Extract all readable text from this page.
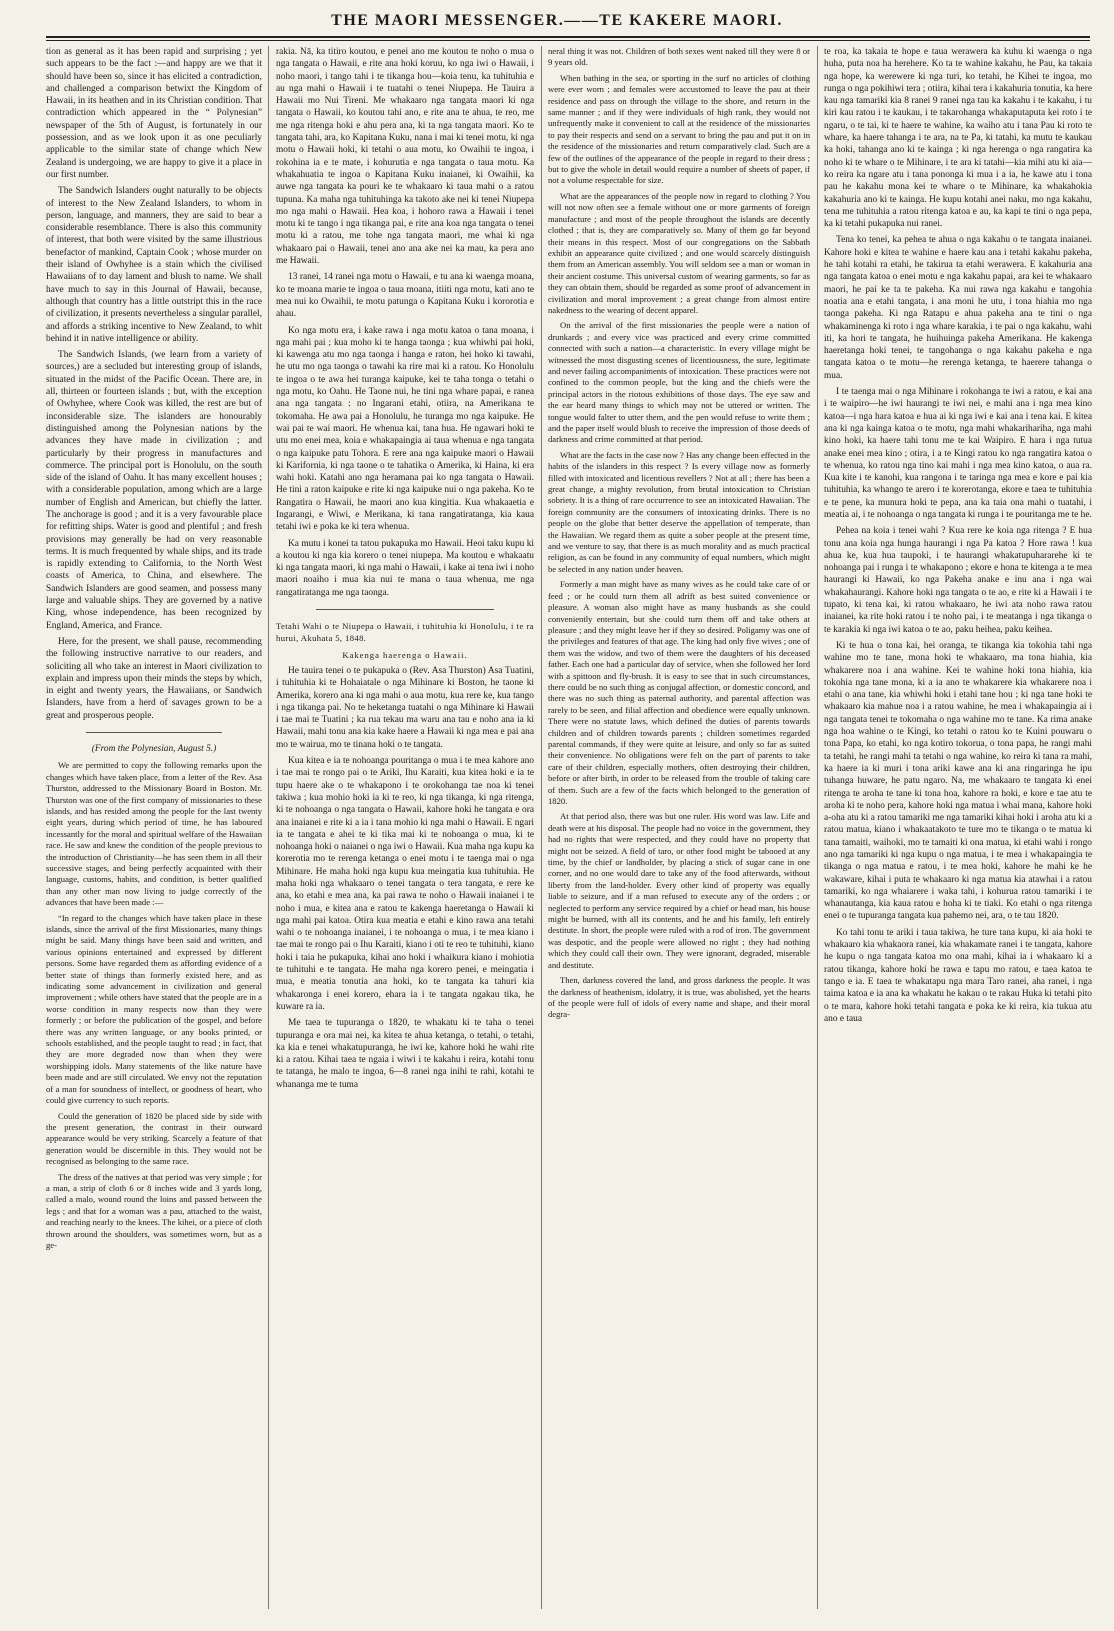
THE MAORI MESSENGER.——TE KAKERE MAORI.

tion as general as it has been rapid and surprising ; yet such appears to be the fact :—and happy are we that it should have been so, since it has elicited a contradiction, and challenged a comparison betwixt the Kingdom of Hawaii, in its heathen and in its Christian condition. That contradiction which appeared in the “ Polynesian” newspaper of the 5th of August, is fortunately in our possession, and as we look upon it as one peculiarly applicable to the similar state of change which New Zealand is undergoing, we are happy to give it a place in our first number.

The Sandwich Islanders ought naturally to be objects of interest to the New Zealand Islanders, to whom in person, language, and manners, they are said to bear a considerable resemblance. There is also this community of interest, that both were visited by the same illustrious benefactor of mankind, Captain Cook ; whose murder on their island of Owhyhee is a stain which the civilised Hawaiians of to day lament and blush to name. We shall have much to say in this Journal of Hawaii, because, although that country has a little outstript this in the race of civilization, it presents nevertheless a singular parallel, and affords a striking incentive to New Zealand, to whit behind it in native intelligence or ability.

The Sandwich Islands, (we learn from a variety of sources,) are a secluded but interesting group of islands, situated in the midst of the Pacific Ocean. There are, in all, thirteen or fourteen islands ; but, with the exception of Owhyhee, where Cook was killed, the rest are but of inconsiderable size. The islanders are honourably distinguished among the Polynesian nations by the advances they have made in civilization ; and particularly by their progress in manufactures and commerce. The principal port is Honolulu, on the south side of the island of Oahu. It has many excellent houses ; with a considerable population, among which are a large number of English and American, but chiefly the latter. The anchorage is good ; and it is a very favourable place for refitting ships. Water is good and plentiful ; and fresh provisions may generally be had on very reasonable terms. It is much frequented by whale ships, and its trade is rapidly extending to California, to the North West coasts of America, to China, and elsewhere. The Sandwich Islanders are good seamen, and possess many large and valuable ships. They are governed by a native King, whose independence, has been recognized by England, America, and France.

Here, for the present, we shall pause, recommending the following instructive narrative to our readers, and soliciting all who take an interest in Maori civilization to explain and impress upon their minds the steps by which, in eight and twenty years, the Hawaiians, or Sandwich Islanders, have from a herd of savages grown to be a great and prosperous people.

(From the Polynesian, August 5.)

We are permitted to copy the following remarks upon the changes which have taken place, from a letter of the Rev. Asa Thurston, addressed to the Missionary Board in Boston. Mr. Thurston was one of the first company of missionaries to these islands, and has resided among the people for the last twenty eight years, during which period of time, he has laboured incessantly for the moral and spiritual welfare of the Hawaiian race. He saw and knew the condition of the people previous to the introduction of Christianity—he has seen them in all their successive stages, and being perfectly acquainted with their language, customs, habits, and condition, is better qualified than any other man now living to judge correctly of the advances that have been made :—

“In regard to the changes which have taken place in these islands, since the arrival of the first Missionaries, many things might be said. Many things have been said and written, and various opinions entertained and expressed by different persons. Some have regarded them as affording evidence of a better state of things than formerly existed here, and as indicating some advancement in civilization and general improvement ; while others have stated that the people are in a worse condition in many respects now than they were formerly ; or before the publication of the gospel, and before there was any written language, or any books printed, or schools established, and the people taught to read ; in fact, that they are more degraded now than when they were worshipping idols. Many statements of the like nature have been made and are still circulated. We envy not the reputation of a man for soundness of intellect, or goodness of heart, who could give currency to such reports.

Could the generation of 1820 be placed side by side with the present generation, the contrast in their outward appearance would be very striking. Scarcely a feature of that generation would be discernible in this. They would not be recognised as belonging to the same race.

The dress of the natives at that period was very simple ; for a man, a strip of cloth 6 or 8 inches wide and 3 yards long, called a malo, wound round the loins and passed between the legs ; and that for a woman was a pau, attached to the waist, and reaching nearly to the knees. The kihei, or a piece of cloth thrown around the shoulders, was sometimes worn, but as a ge-

rakia. Nā, ka titiro koutou, e penei ano me koutou te noho o mua o nga tangata o Hawaii, e rite ana hoki koruu, ko nga iwi o Hawaii, i noho maori, i tango tahi i te tikanga hou—koia tenu, ka tuhituhia e au nga mahi o Hawaii i te tuatahi o tenei Niupepa. He Tauira a Hawaii mo Nui Tireni. Me whakaaro nga tangata maori ki nga tangata o Hawaii, ko koutou tahi ano, e rite ana te ahua, te reo, me me nga ritenga hoki e ahu pera ana, ki ta nga tangata maori. Ko te tangata tahi, ara, ko Kapitana Kuku, nana i mai ki tenei motu, ki nga motu o Hawaii hoki, ki tetahi o aua motu, ko Owaihii te ingoa, i rokohina ia e te mate, i kohurutia e nga tangata o taua motu. Ka whakahuatia te ingoa o Kapitana Kuku inaianei, ki Owaihii, ka auwe nga tangata ka pouri ke te whakaaro ki taua mahi o a ratou tupuna. Ka maha nga tuhituhinga ka takoto ake nei ki tenei Niupepa mo nga mahi o Hawaii. Hea koa, i hohoro rawa a Hawaii i tenei motu ki te tango i nga tikanga pai, e rite ana koa nga tangata o tenei motu ki a ratou, me tohe nga tangata maori, me whai ki nga whakaaro pai o Hawaii, tenei ano ana ake nei ka mau, ka pera ano me Hawaii.

13 ranei, 14 ranei nga motu o Hawaii, e tu ana ki waenga moana, ko te moana marie te ingoa o taua moana, itiiti nga motu, kati ano te mea nui ko Owaihii, te motu patunga o Kapitana Kuku i kororotia e ahau.

Ko nga motu era, i kake rawa i nga motu katoa o tana moana, i nga mahi pai ; kua moho ki te hanga taonga ; kua whiwhi pai hoki, ki kawenga atu mo nga taonga i hanga e raton, hei hoko ki tawahi, he utu mo nga taonga o tawahi ka rire mai ki a ratou. Ko Honolulu te ingoa o te awa hei turanga kaipuke, kei te taha tonga o tetahi o nga motu, ko Oahu. He Taone nui, he tini nga whare papai, e ranea ana nga tangata : no Ingarani etahi, otiira, na Amerikana te tokomaha. He awa pai a Honolulu, he turanga mo nga kaipuke. He wai pai te wai maori. He whenua kai, tana hua. He ngawari hoki te utu mo enei mea, koia e whakapaingia ai taua whenua e nga tangata o nga kaipuke patu Tohora. E rere ana nga kaipuke maori o Hawaii ki Karifornia, ki nga taone o te tahatika o Amerika, ki Haina, ki era wahi hoki. Katahi ano nga heramana pai ko nga tangata o Hawaii. He tini a raton kaipuke e rite ki nga kaipuke nui o nga pakeha. Ko te Rangatira o Hawaii, he maori ano kua kingitia. Kua whakaaetia e Ingarangi, e Wiwi, e Merikana, ki tana rangatiratanga, kia kaua tetahi iwi e poka ke ki tera whenua.

Ka mutu i konei ta tatou pukapuka mo Hawaii. Heoi taku kupu ki a koutou ki nga kia korero o tenei niupepa. Ma koutou e whakaatu ki nga tangata maori, ki nga mahi o Hawaii, i kake ai tena iwi i noho maori noaiho i mua kia nui te mana o taua whenua, me nga rangatiratanga me nga taonga.

Tetahi Wahi o te Niupepa o Hawaii, i tuhituhia ki Honolulu, i te ra hurui, Akuhata 5, 1848.
Kakenga haerenga o Hawaii.

He tauira tenei o te pukapuka o (Rev. Asa Thurston) Asa Tuatini, i tuhituhia ki te Hohaiatale o nga Mihinare ki Boston, he taone ki Amerika, korero ana ki nga mahi o aua motu, kua rere ke, kua tango i nga tikanga pai. No te heketanga tuatahi o nga Mihinare ki Hawaii i tae mai te Tuatini ; ka rua tekau ma waru ana tau e noho ana ia ki Hawaii, mahi tonu ana kia kake haere a Hawaii ki nga mea e pai ana mo te wairua, mo te tinana hoki o te tangata.

Kua kitea e ia te nohoanga pouritanga o mua i te mea kahore ano i tae mai te rongo pai o te Ariki, Ihu Karaiti, kua kitea hoki e ia te tupu haere ake o te whakapono i te orokohanga tae noa ki tenei takiwa ; kua mohio hoki ia ki te reo, ki nga tikanga, ki nga ritenga, ki te nohoanga o nga tangata o Hawaii, kahore hoki he tangata e ora ana inaianei e rite ki a ia i tana mohio ki nga mahi o Hawaii. E ngari ia te tangata e ahei te ki tika mai ki te nohoanga o mua, ki te nohoanga hoki o naianei o nga iwi o Hawaii. Kua maha nga kupu ka korerotia mo te rerenga ketanga o enei motu i te taenga mai o nga Mihinare. He maha hoki nga kupu kua meingatia kua tuhituhia. He maha hoki nga whakaaro o tenei tangata o tera tangata, e rere ke ana, ko etahi e mea ana, ka pai rawa te noho o Hawaii inaianei i te noho i mua, e kitea ana e ratou te kakenga haeretanga o Hawaii ki nga mahi pai katoa. Otira kua meatia e etahi e kino rawa ana tetahi wahi o te nohoanga inaianei, i te nohoanga o mua, i te mea kiano i tae mai te rongo pai o Ihu Karaiti, kiano i oti te reo te tuhituhi, kiano hoki i taia he pukapuka, kihai ano hoki i whaikura kiano i mohiotia te tuhituhi e te tangata. He maha nga korero penei, e meingatia i mua, e meatia tonutia ana hoki, ko te tangata ka tahuri kia whakaronga i enei korero, ehara ia i te tangata ngakau tika, he kuware ra ia.

Me taea te tupuranga o 1820, te whakatu ki te taha o tenei tupuranga e ora mai nei, ka kitea te ahua ketanga, o tetahi, o tetahi, ka kia e tenei whakatupuranga, he iwi ke, kahore hoki he wahi rite ki a ratou. Kihai taea te ngaia i wiwi i te kakahu i reira, kotahi tonu te tatanga, he malo te ingoa, 6—8 ranei nga inihi te rahi, kotahi te whananga me te tuma

neral thing it was not. Children of both sexes went naked till they were 8 or 9 years old.

When bathing in the sea, or sporting in the surf no articles of clothing were ever worn ; and females were accustomed to leave the pau at their residence and pass on through the village to the shore, and return in the same manner ; and if they were individuals of high rank, they would not unfrequently make it convenient to call at the residence of the missionaries to pay their respects and send on a servant to bring the pau and put it on in the residence of the missionaries and return comparatively clad. Such are a few of the outlines of the appearance of the people in regard to their dress ; but to give the whole in detail would require a number of sheets of paper, if not a volume respectable for size.

What are the appearances of the people now in regard to clothing ? You will not now often see a female without one or more garments of foreign manufacture ; and most of the people throughout the islands are decently clothed ; that is, they are comparatively so. Many of them go far beyond their means in this respect. Most of our congregations on the Sabbath exhibit an appearance quite civilized ; and one would scarcely distinguish them from an American assembly. You will seldom see a man or woman in their ancient costume. This universal custom of wearing garments, so far as they can obtain them, should be regarded as some proof of advancement in civilization and moral improvement ; a great change from almost entire nakedness to the wearing of decent apparel.

On the arrival of the first missionaries the people were a nation of drunkards ; and every vice was practiced and every crime committed connected with such a nation—a characteristic. In every village might be witnessed the most disgusting scenes of licentiousness, the sure, legitimate and never failing accompaniments of intoxication. These practices were not confined to the common people, but the king and the chiefs were the principal actors in the riotous exhibitions of those days. The eye saw and the ear heard many things to which may not be uttered or written. The tongue would falter to utter them, and the pen would refuse to write them ; and the paper itself would blush to receive the impression of those deeds of darkness and crime committed at that period.

What are the facts in the case now ? Has any change been effected in the habits of the islanders in this respect ? Is every village now as formerly filled with intoxicated and licentious revellers ? Not at all ; there has been a great change, a mighty revolution, from brutal intoxication to Christian sobriety. It is a thing of rare occurrence to see an intoxicated Hawaiian. The foreign community are the consumers of intoxicating drinks. There is no people on the globe that better deserve the appellation of temperate, than the Hawaiian. We regard them as quite a sober people at the present time, and we venture to say, that there is as much morality and as much practical religion, as can be found in any community of equal numbers, which might be selected in any nation under heaven.

Formerly a man might have as many wives as he could take care of or feed ; or he could turn them all adrift as best suited convenience or pleasure. A woman also might have as many husbands as she could conveniently entertain, but she could turn them off and take others at pleasure ; and they might leave her if they so desired. Poligamy was one of the privileges and features of that age. The king had only five wives ; one of them was the widow, and two of them were the daughters of his deceased father. Each one had a particular day of service, when she followed her lord with a spittoon and fly-brush. It is easy to see that in such circumstances, there could be no such thing as conjugal affection, or domestic concord, and there was no such thing as paternal authority, and parental affection was rarely to be seen, and filial affection and obedience were equally unknown. There were no statute laws, which defined the duties of parents towards children and of children towards parents ; children sometimes regarded parental commands, if they were quite at leisure, and only so far as suited their convenience. No obligations were felt on the part of parents to take care of their children, especially mothers, often destroying their children, before or after birth, in order to be released from the trouble of taking care of them. Such are a few of the facts which belonged to the generation of 1820.

At that period also, there was but one ruler. His word was law. Life and death were at his disposal. The people had no voice in the government, they had no rights that were respected, and they could have no property that might not be seized. A field of taro, or other food might be tabooed at any time, by the chief or landholder, by placing a stick of sugar cane in one corner, and no one would dare to take any of the food afterwards, without liberty from the land-holder. Every other kind of property was equally liable to seizure, and if a man refused to execute any of the orders ; or neglected to perform any service required by a chief or head man, his house might be burned, with all its contents, and he and his family, left entirely destitute. In short, the people were ruled with a rod of iron. The government was despotic, and the people were allowed no right ; they had nothing which they could call their own. They were ignorant, degraded, miserable and destitute.

Then, darkness covered the land, and gross darkness the people. It was the darkness of heathenism, idolatry, it is true, was abolished, yet the hearts of the people were full of idols of every name and shape, and their moral degra-

te roa, ka takaia te hope e taua werawera ka kuhu ki waenga o nga huha, puta noa ha herehere. Ko ta te wahine kakahu, he Pau, ka takaia nga hope, ka werewere ki nga turi, ko tetahi, he Kihei te ingoa, mo runga o nga pokihiwi tera ; otiira, kihai tera i kakahuria tonutia, ka here kau nga tamariki kia 8 ranei 9 ranei nga tau ka kakahu i te kakahu, i tu kiri kau ratou i te kaukau, i te takarohanga whakaputaputa kei roto i te ngaru, o te tai, ki te haere te wahine, ka waiho atu i tana Pau ki roto te whare, ka haere tahanga i te ara, na te Pa, ki tatahi, ka mutu te kaukau ka hoki, tahanga ano ki te kainga ; ki nga herenga o nga rangatira ka noho ki te whare o te Mihinare, i te ara ki tatahi—kia mihi atu ki aia—ko reira ka ngare atu i tana pononga ki mua i a ia, he kawe atu i tona pau he kakahu mona kei te whare o te Mihinare, ka whakahokia kakahuria ano ki te kainga. He kupu kotahi anei naku, mo nga kakahu, tena me tuhituhia a ratou ritenga katoa e au, ka kapi te tini o nga pepa, ka ki tetahi pukapuka nui ranei.

Tena ko tenei, ka pehea te ahua o nga kakahu o te tangata inaianei. Kahore hoki e kitea te wahine e haere kau ana i tetahi kakahu pakeha, he tahi kotahi ra etahi, he takirua ta etahi werawera. E kakahuria ana nga tangata katoa o enei motu e nga kakahu papai, ara kei te whakaaro maori, he pai ke ta te pakeha. Ka nui rawa nga kakahu e tangohia noatia ana e etahi tangata, i ana moni he utu, i tona hiahia mo nga taonga pakeha. Ki nga Ratapu e ahua pakeha ana te tini o nga whakaminenga ki roto i nga whare karakia, i te pai o nga kakahu, wahi iti, ka hori te tangata, he huihuinga pakeha Amerikana. He kakenga haeretanga hoki tenei, te tangohanga o nga kakahu pakeha e nga tangata katoa o te motu—he rerenga ketanga, te haerere tahanga o mua.

I te taenga mai o nga Mihinare i rokohanga te iwi a ratou, e kai ana i te waipiro—he iwi haurangi te iwi nei, e mahi ana i nga mea kino katoa—i nga hara katoa e hua ai ki nga iwi e kai ana i tena kai. E kitea ana ki nga kainga katoa o te motu, nga mahi whakarihariha, nga mahi kino hoki, ka haere tahi tonu me te kai Waipiro. E hara i nga tutua anake enei mea kino ; otira, i a te Kingi ratou ko nga rangatira katoa o te whenua, ko ratou nga tino kai mahi i nga mea kino katoa, o aua ra. Kua kite i te kanohi, kua rangona i te taringa nga mea e kore e pai kia tuhituhia, ka whango te arero i te korerotanga, ekore e taea te tuhituhia e te pene, ka munura hoki te pepa, ana ka taia ona mahi o tuatahi, i meatia ai, i te nohoanga o nga tangata ki runga i te pouritanga me te he.

Pehea na koia i tenei wahi ? Kua rere ke koia nga ritenga ? E hua tonu ana koia nga hunga haurangi i nga Pa katoa ? Hore rawa ! kua ahua ke, kua hua taupoki, i te haurangi whakatupuhararehe ki te nohoanga pai i runga i te whakapono ; ekore e hona te kitenga a te mea haurangi ki Hawaii, ko nga Pakeha anake e inu ana i nga wai whakahaurangi. Kahore hoki nga tangata o te ao, e rite ki a Hawaii i te tupato, ki tena kai, ki ratou whakaaro, he iwi ata noho rawa ratou inaianei, ka rite hoki ratou i te noho pai, i te meatanga i nga tikanga o te karakia ki nga iwi katoa o te ao, paku heihea, paku keihea.

Ki te hua o tona kai, hei oranga, te tikanga kia tokohia tahi nga wahine mo te tane, mona hoki te whakaaro, ma tona hiahia, kia whakarere noa i ana wahine. Kei te wahine hoki tona hiahia, kia tokohia nga tane mona, ki a ia ano te whakarere kia whakarere noa i etahi o ana tane, kia whiwhi hoki i etahi tane hou ; ki nga tane hoki te whakaaro kia mahue noa i a ratou wahine, he mea i whakapaingia ai i nga tangata tenei te tokomaha o nga wahine mo te tane. Ka rima anake nga hoa wahine o te Kingi, ko tetahi o ratou ko te Kuini pouwaru o tona Papa, ko etahi, ko nga kotiro tokorua, o tona papa, he rangi mahi ta tetahi, he rangi mahi ta tetahi o nga wahine, ko reira ki tana ra mahi, ka haere ia ki muri i tona ariki kawe ana ki ana ringaringa he ipu tuhanga huware, he patu ngaro. Na, me whakaaro te tangata ki enei ritenga te aroha te tane ki tona hoa, kahore ra hoki, e kore e tae atu te aroha ki te noho pera, kahore hoki nga matua i whai mana, kahore hoki a-oha atu ki a ratou tamariki me nga tamariki kihai hoki i aroha atu ki a ratou matua, kiano i whakaatakoto te ture mo te tikanga o te matua ki tana tamaiti, waihoki, mo te tamaiti ki ona matua, ki etahi wahi i rongo ano nga tamariki ki nga kupu o nga matua, i te mea i whakapaingia te tikanga o nga matua e ratou, i te mea hoki, kahore he mahi ke he wakaware, kihai i puta te whakaaro ki nga matua kia atawhai i a ratou tamariki, ko nga whaiarere i waka tahi, i kohurua ratou tamariki i te whanautanga, kia kaua ratou e hoha ki te tiaki. Ko etahi o nga ritenga enei o te tupuranga tangata kua pahemo nei, ara, o te tau 1820.

Ko tahi tonu te ariki i taua takiwa, he ture tana kupu, ki aia hoki te whakaaro kia whakaora ranei, kia whakamate ranei i te tangata, kahore he kupu o nga tangata katoa mo ona mahi, kihai ia i whakaaro ki a ratou tikanga, kahore hoki he rawa e tapu mo ratou, e taea katoa te tango e ia. E taea te whakatapu nga mara Taro ranei, aha ranei, i nga taima katoa e ia ana ka whakatu he kakau o te rakau Huka ki tetahi pito o te mara, kahore hoki tetahi tangata e poka ke ki reira, kia tukua atu ano e taua
